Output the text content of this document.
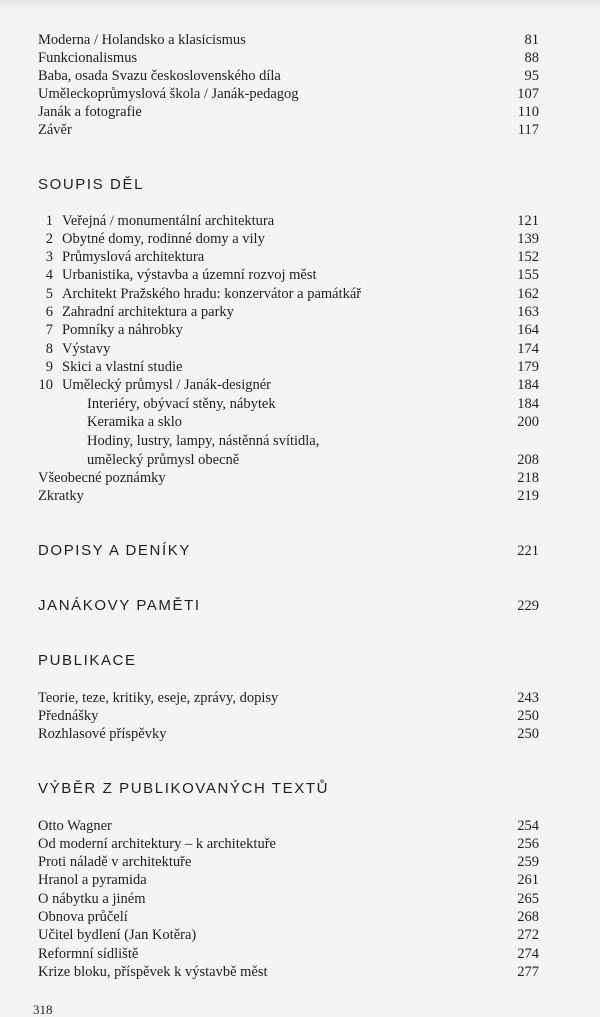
Moderna / Holandsko a klasicismus	81
Funkcionalismus	88
Baba, osada Svazu československého díla	95
Uměleckoprůmyslová škola / Janák-pedagog	107
Janák a fotografie	110
Závěr	117
SOUPIS DĚL
1 Veřejná / monumentální architektura	121
2 Obytné domy, rodinné domy a vily	139
3 Průmyslová architektura	152
4 Urbanistika, výstavba a územní rozvoj měst	155
5 Architekt Pražského hradu: konzervátor a památkář	162
6 Zahradní architektura a parky	163
7 Pomníky a náhrobky	164
8 Výstavy	174
9 Skici a vlastní studie	179
10 Umělecký průmysl / Janák-designér	184
Interiéry, obývací stěny, nábytek	184
Keramika a sklo	200
Hodiny, lustry, lampy, nástěnná svítidla,
umělecký průmysl obecně	208
Všeobecné poznámky	218
Zkratky	219
DOPISY A DENÍKY	221
JANÁKOVY PAMĚTI	229
PUBLIKACE
Teorie, teze, kritiky, eseje, zprávy, dopisy	243
Přednášky	250
Rozhlasové příspěvky	250
VÝBĚR Z PUBLIKOVANÝCH TEXTŮ
Otto Wagner	254
Od moderní architektury – k architektuře	256
Proti náladě v architektuře	259
Hranol a pyramida	261
O nábytku a jiném	265
Obnova průčelí	268
Učitel bydlení (Jan Kotěra)	272
Reformní sídliště	274
Krize bloku, příspěvek k výstavbě měst	277
318
